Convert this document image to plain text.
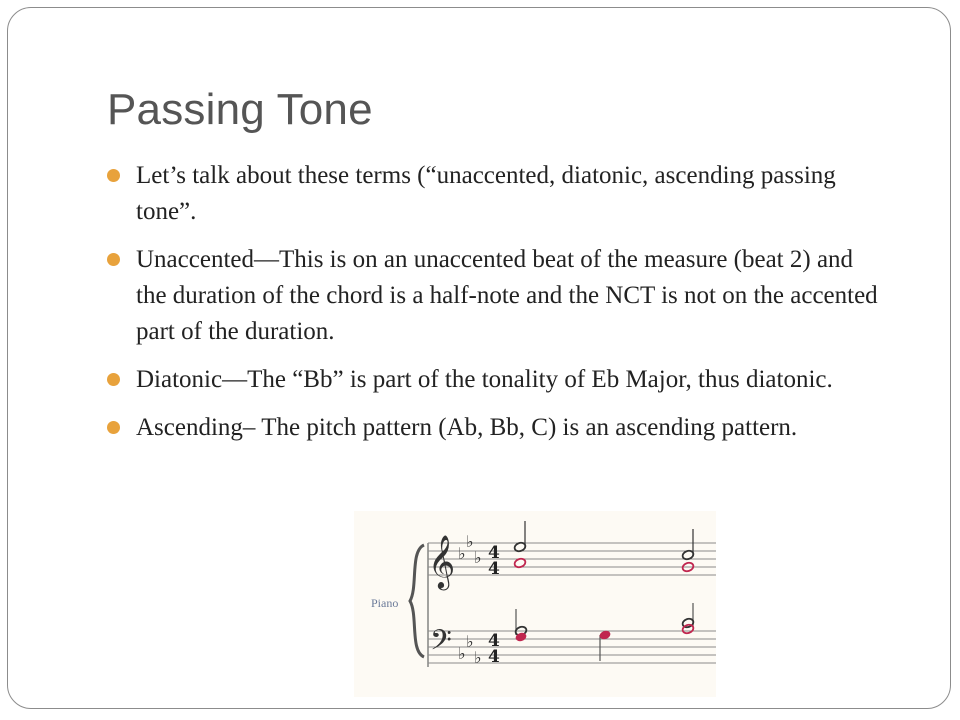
Passing Tone
Let’s talk about these terms (“unaccented, diatonic, ascending passing tone”.
Unaccented—This is on an unaccented beat of the measure (beat 2) and the duration of the chord is a half-note and the NCT is not on the accented part of the duration.
Diatonic—The “Bb” is part of the tonality of Eb Major, thus diatonic.
Ascending– The pitch pattern (Ab, Bb, C) is an ascending pattern.
Piano
𝄞
𝄢
♭
♭
♭
♭
♭
♭
4
4
4
4
